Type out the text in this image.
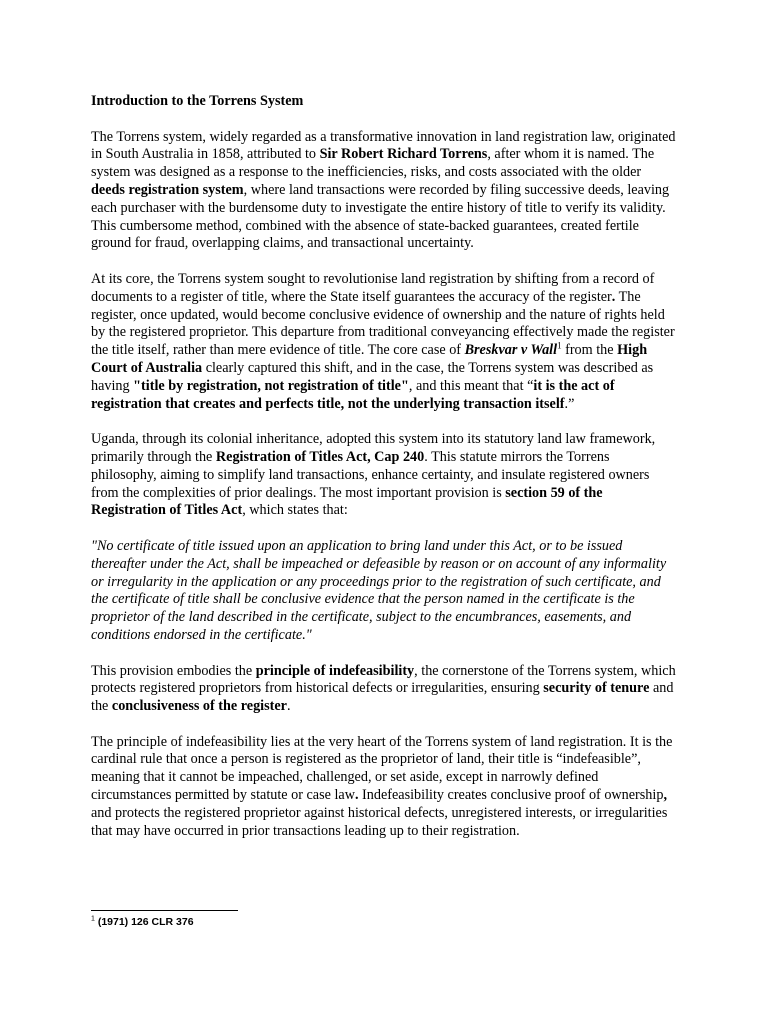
Introduction to the Torrens System

The Torrens system, widely regarded as a transformative innovation in land registration law, originated in South Australia in 1858, attributed to Sir Robert Richard Torrens, after whom it is named. The system was designed as a response to the inefficiencies, risks, and costs associated with the older deeds registration system, where land transactions were recorded by filing successive deeds, leaving each purchaser with the burdensome duty to investigate the entire history of title to verify its validity. This cumbersome method, combined with the absence of state-backed guarantees, created fertile ground for fraud, overlapping claims, and transactional uncertainty.

At its core, the Torrens system sought to revolutionise land registration by shifting from a record of documents to a register of title, where the State itself guarantees the accuracy of the register. The register, once updated, would become conclusive evidence of ownership and the nature of rights held by the registered proprietor. This departure from traditional conveyancing effectively made the register the title itself, rather than mere evidence of title. The core case of Breskvar v Wall$^1$ from the High Court of Australia clearly captured this shift, and in the case, the Torrens system was described as having "title by registration, not registration of title", and this meant that “it is the act of registration that creates and perfects title, not the underlying transaction itself.”

Uganda, through its colonial inheritance, adopted this system into its statutory land law framework, primarily through the Registration of Titles Act, Cap 240. This statute mirrors the Torrens philosophy, aiming to simplify land transactions, enhance certainty, and insulate registered owners from the complexities of prior dealings. The most important provision is section 59 of the Registration of Titles Act, which states that:

"No certificate of title issued upon an application to bring land under this Act, or to be issued thereafter under the Act, shall be impeached or defeasible by reason or on account of any informality or irregularity in the application or any proceedings prior to the registration of such certificate, and the certificate of title shall be conclusive evidence that the person named in the certificate is the proprietor of the land described in the certificate, subject to the encumbrances, easements, and conditions endorsed in the certificate."

This provision embodies the principle of indefeasibility, the cornerstone of the Torrens system, which protects registered proprietors from historical defects or irregularities, ensuring security of tenure and the conclusiveness of the register.

The principle of indefeasibility lies at the very heart of the Torrens system of land registration. It is the cardinal rule that once a person is registered as the proprietor of land, their title is “indefeasible”, meaning that it cannot be impeached, challenged, or set aside, except in narrowly defined circumstances permitted by statute or case law. Indefeasibility creates conclusive proof of ownership, and protects the registered proprietor against historical defects, unregistered interests, or irregularities that may have occurred in prior transactions leading up to their registration.

$^1$ (1971) 126 CLR 376
